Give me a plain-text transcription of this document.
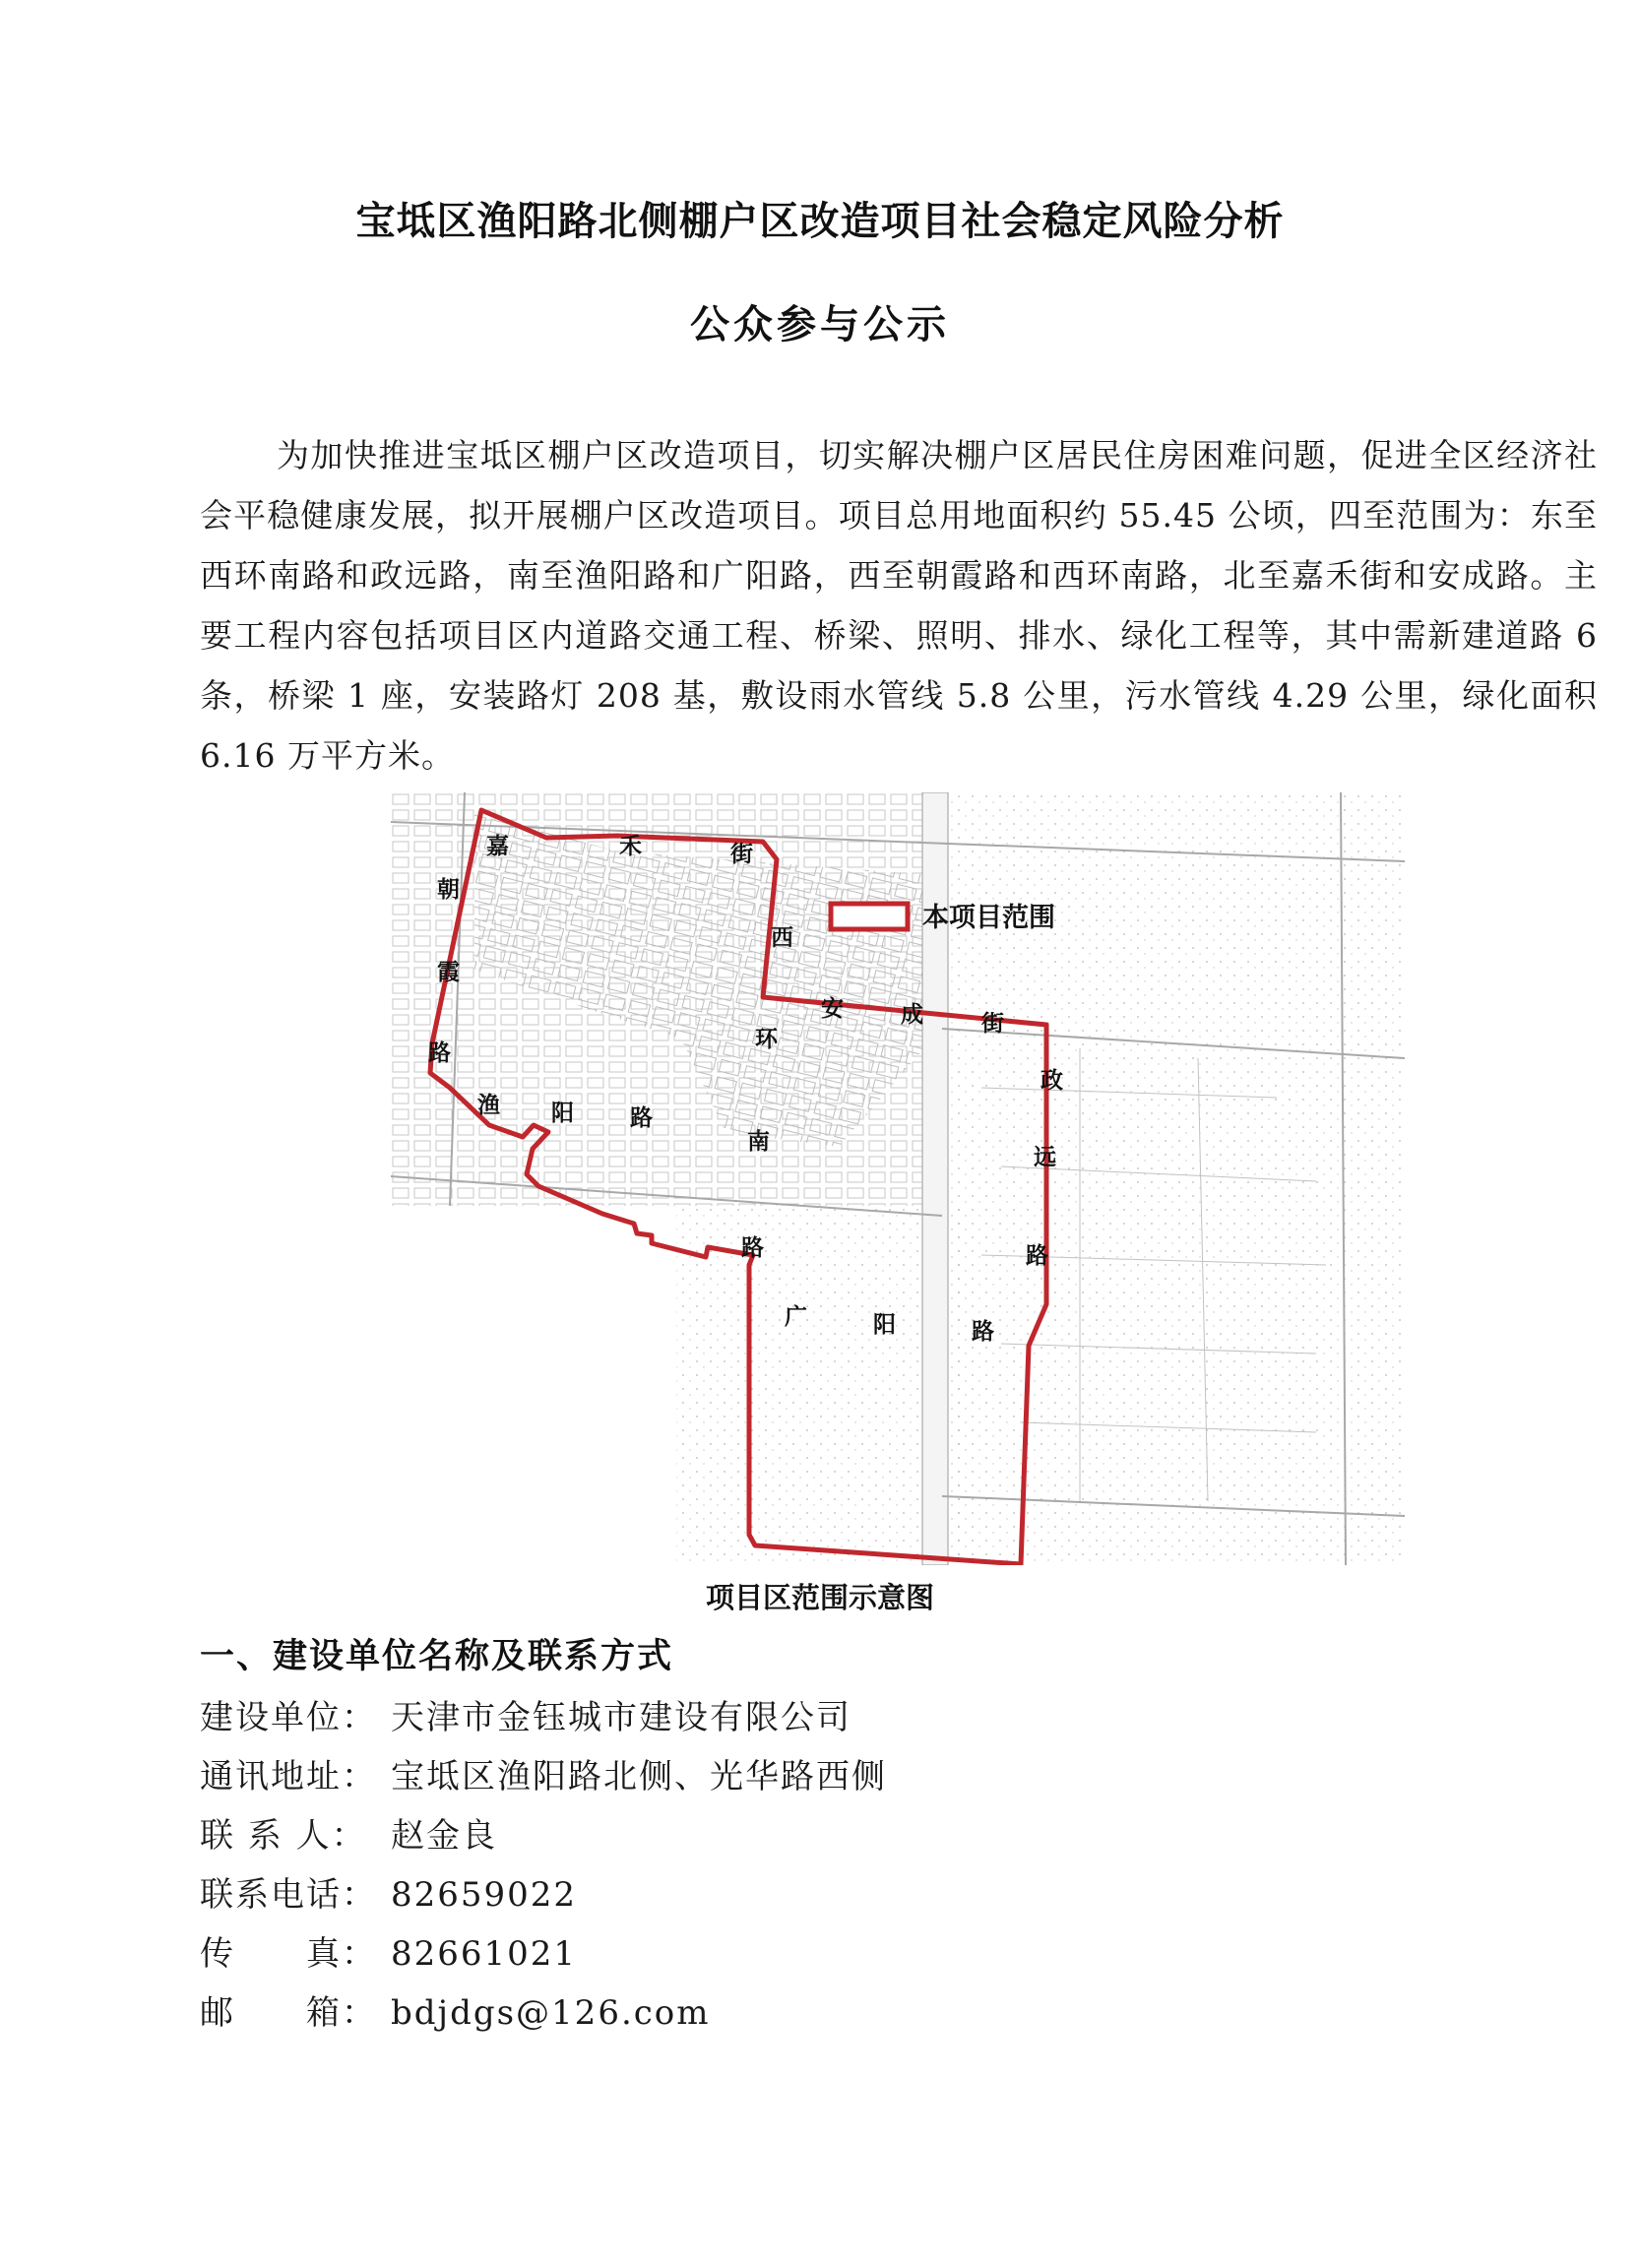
宝坻区渔阳路北侧棚户区改造项目社会稳定风险分析
公众参与公示

为加快推进宝坻区棚户区改造项目，切实解决棚户区居民住房困难问题，促进全区经济社会平稳健康发展，拟开展棚户区改造项目。项目总用地面积约 55.45 公顷，四至范围为：东至西环南路和政远路，南至渔阳路和广阳路，西至朝霞路和西环南路，北至嘉禾街和安成路。主要工程内容包括项目区内道路交通工程、桥梁、照明、排水、绿化工程等，其中需新建道路 6 条，桥梁 1 座，安装路灯 208 基，敷设雨水管线 5.8 公里，污水管线 4.29 公里，绿化面积 6.16 万平方米。

本项目范围
嘉	禾	街
朝
霞
路
西
环
南
路
安	成	街
渔 阳 路
政
远
路
广	阳	路
项目区范围示意图
一、建设单位名称及联系方式
建设单位： 天津市金钰城市建设有限公司
通讯地址： 宝坻区渔阳路北侧、光华路西侧
联 系 人： 赵金良
联系电话： 82659022
传　　真： 82661021
邮　　箱： bdjdgs@126.com
